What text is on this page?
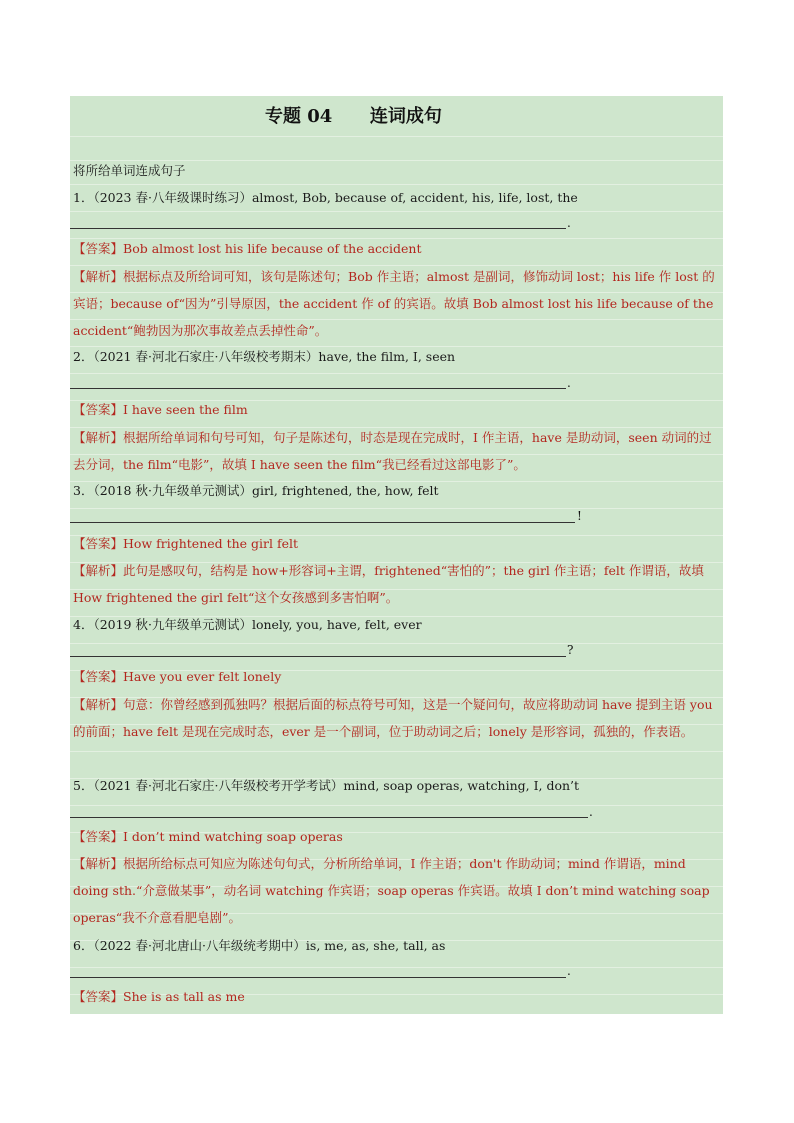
专题 04      连词成句
将所给单词连成句子
1．（2023 春·八年级课时练习）almost, Bob, because of, accident, his, life, lost, the
.
【答案】Bob almost lost his life because of the accident
【解析】根据标点及所给词可知，该句是陈述句；Bob 作主语；almost 是副词，修饰动词 lost；his life 作 lost 的宾语；because of“因为”引导原因，the accident 作 of 的宾语。故填 Bob almost lost his life because of the accident“鲍勃因为那次事故差点丢掉性命”。
2．（2021 春·河北石家庄·八年级校考期末）have, the film, I, seen
.
【答案】I have seen the film
【解析】根据所给单词和句号可知，句子是陈述句，时态是现在完成时，I 作主语，have 是助动词，seen 动词的过去分词，the film“电影”，故填 I have seen the film“我已经看过这部电影了”。
3．（2018 秋·九年级单元测试）girl, frightened, the, how, felt
!
【答案】How frightened the girl felt
【解析】此句是感叹句，结构是 how+形容词+主谓，frightened“害怕的”；the girl 作主语；felt 作谓语，故填 How frightened the girl felt“这个女孩感到多害怕啊”。
4．（2019 秋·九年级单元测试）lonely, you, have, felt, ever
?
【答案】Have you ever felt lonely
【解析】句意：你曾经感到孤独吗？根据后面的标点符号可知，这是一个疑问句，故应将助动词 have 提到主语 you 的前面；have felt 是现在完成时态，ever 是一个副词，位于助动词之后；lonely 是形容词，孤独的，作表语。
5．（2021 春·河北石家庄·八年级校考开学考试）mind, soap operas, watching, I, don’t
.
【答案】I don’t mind watching soap operas
【解析】根据所给标点可知应为陈述句句式，分析所给单词，I 作主语；don't 作助动词；mind 作谓语，mind doing sth.“介意做某事”，动名词 watching 作宾语；soap operas 作宾语。故填 I don’t mind watching soap operas“我不介意看肥皂剧”。
6．（2022 春·河北唐山·八年级统考期中）is, me, as, she, tall, as
.
【答案】She is as tall as me
